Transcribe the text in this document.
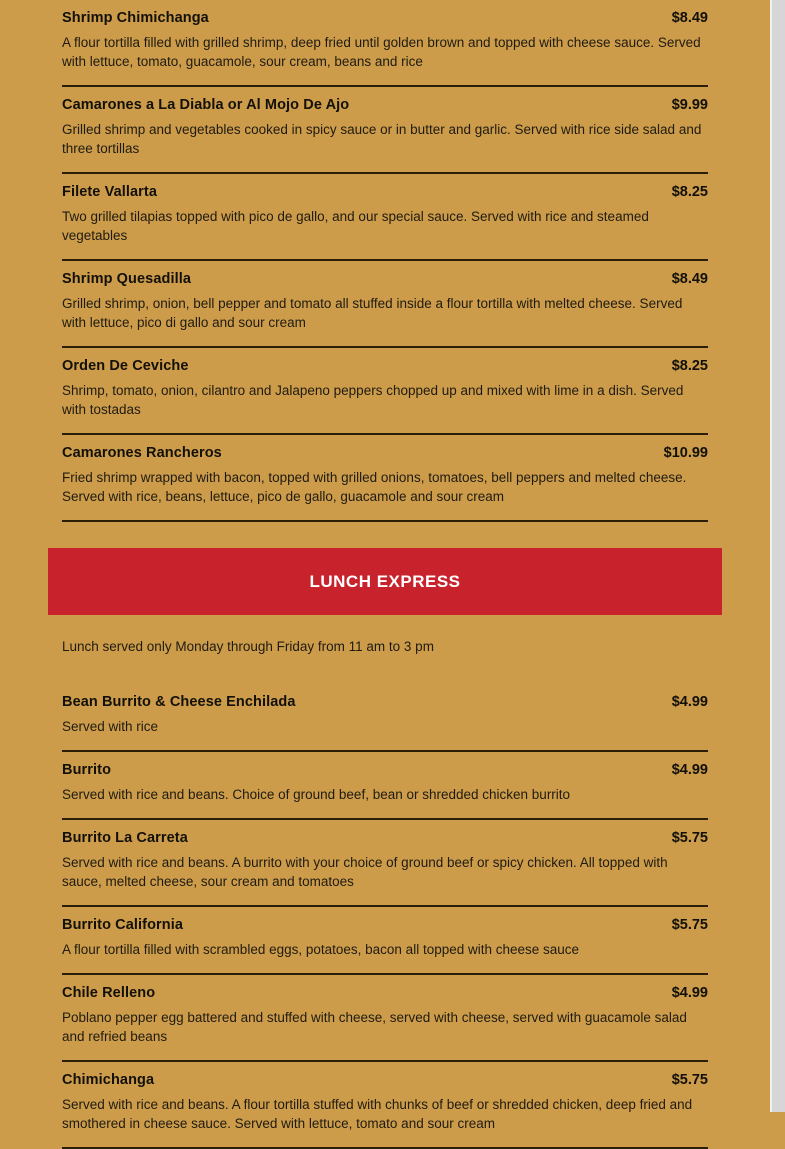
Shrimp Chimichanga	$8.49

A flour tortilla filled with grilled shrimp, deep fried until golden brown and topped with cheese sauce. Served with lettuce, tomato, guacamole, sour cream, beans and rice

Camarones a La Diabla or Al Mojo De Ajo	$9.99

Grilled shrimp and vegetables cooked in spicy sauce or in butter and garlic. Served with rice side salad and three tortillas

Filete Vallarta	$8.25

Two grilled tilapias topped with pico de gallo, and our special sauce. Served with rice and steamed vegetables

Shrimp Quesadilla	$8.49

Grilled shrimp, onion, bell pepper and tomato all stuffed inside a flour tortilla with melted cheese. Served with lettuce, pico di gallo and sour cream

Orden De Ceviche	$8.25

Shrimp, tomato, onion, cilantro and Jalapeno peppers chopped up and mixed with lime in a dish. Served with tostadas

Camarones Rancheros	$10.99

Fried shrimp wrapped with bacon, topped with grilled onions, tomatoes, bell peppers and melted cheese. Served with rice, beans, lettuce, pico de gallo, guacamole and sour cream

LUNCH EXPRESS

Lunch served only Monday through Friday from 11 am to 3 pm

Bean Burrito & Cheese Enchilada	$4.99

Served with rice

Burrito	$4.99

Served with rice and beans. Choice of ground beef, bean or shredded chicken burrito

Burrito La Carreta	$5.75

Served with rice and beans. A burrito with your choice of ground beef or spicy chicken. All topped with sauce, melted cheese, sour cream and tomatoes

Burrito California	$5.75

A flour tortilla filled with scrambled eggs, potatoes, bacon all topped with cheese sauce

Chile Relleno	$4.99

Poblano pepper egg battered and stuffed with cheese, served with cheese, served with guacamole salad and refried beans

Chimichanga	$5.75

Served with rice and beans. A flour tortilla stuffed with chunks of beef or shredded chicken, deep fried and smothered in cheese sauce. Served with lettuce, tomato and sour cream
